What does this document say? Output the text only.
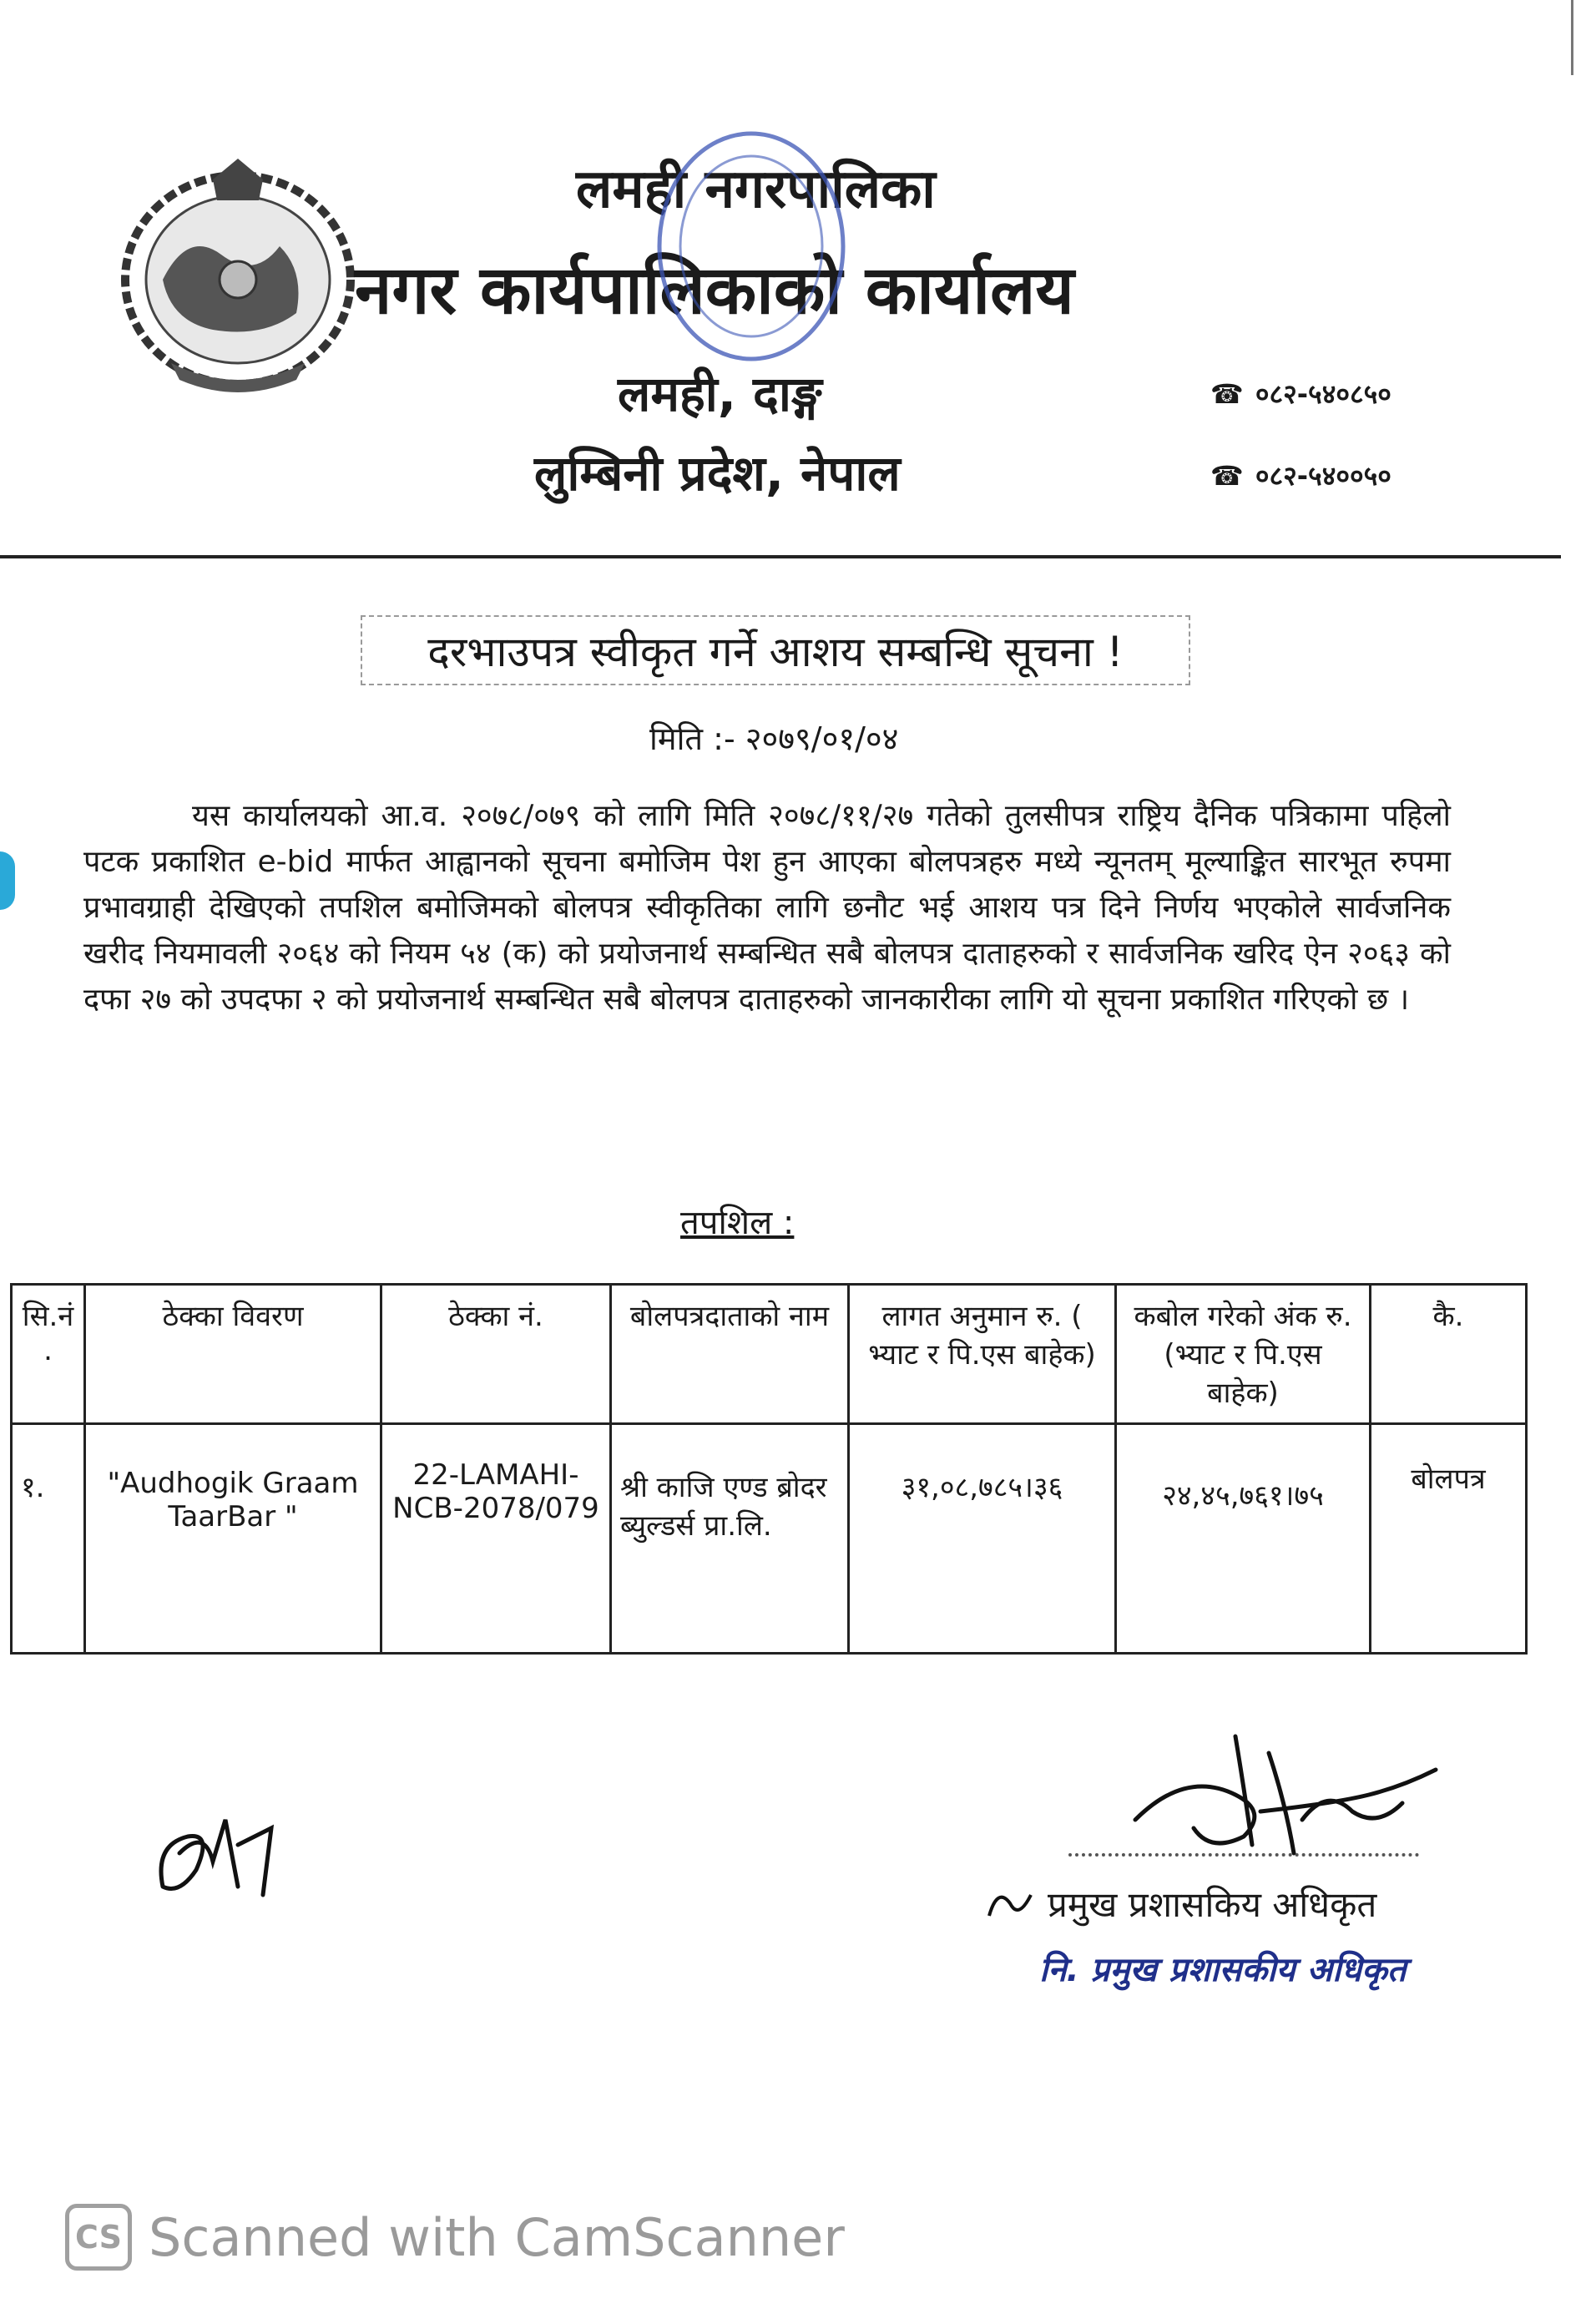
लमही नगरपालिका
नगर कार्यपालिकाको कार्यालय
लमही, दाङ्ग
लुम्बिनी प्रदेश, नेपाल
☎ ०८२-५४०८५०
☎ ०८२-५४००५०
दरभाउपत्र स्वीकृत गर्ने आशय सम्बन्धि सूचना !
मिति :- २०७९/०१/०४
यस कार्यालयको आ.व. २०७८/०७९ को लागि मिति २०७८/११/२७ गतेको तुलसीपत्र राष्ट्रिय दैनिक पत्रिकामा पहिलो पटक प्रकाशित e-bid मार्फत आह्वानको सूचना बमोजिम पेश हुन आएका बोलपत्रहरु मध्ये न्यूनतम् मूल्याङ्कित सारभूत रुपमा प्रभावग्राही देखिएको तपशिल बमोजिमको बोलपत्र स्वीकृतिका लागि छनौट भई आशय पत्र दिने निर्णय भएकोले सार्वजनिक खरीद नियमावली २०६४ को नियम ५४ (क) को प्रयोजनार्थ सम्बन्धित सबै बोलपत्र दाताहरुको र सार्वजनिक खरिद ऐन २०६३ को दफा २७ को उपदफा २ को प्रयोजनार्थ सम्बन्धित सबै बोलपत्र दाताहरुको जानकारीका लागि यो सूचना प्रकाशित गरिएको छ ।
तपशिल :
सि.नं .	ठेक्का विवरण	ठेक्का नं.	बोलपत्रदाताको नाम	लागत अनुमान रु. ( भ्याट र पि.एस बाहेक)	कबोल गरेको अंक रु. (भ्याट र पि.एस बाहेक)	कै.
१.	"Audhogik Graam TaarBar "	22-LAMAHI-NCB-2078/079	श्री काजि एण्ड ब्रोदर ब्युल्डर्स प्रा.लि.	३१,०८,७८५।३६	२४,४५,७६१।७५	बोलपत्र
प्रमुख प्रशासकिय अधिकृत
नि. प्रमुख प्रशासकीय अधिकृत
CS Scanned with CamScanner
